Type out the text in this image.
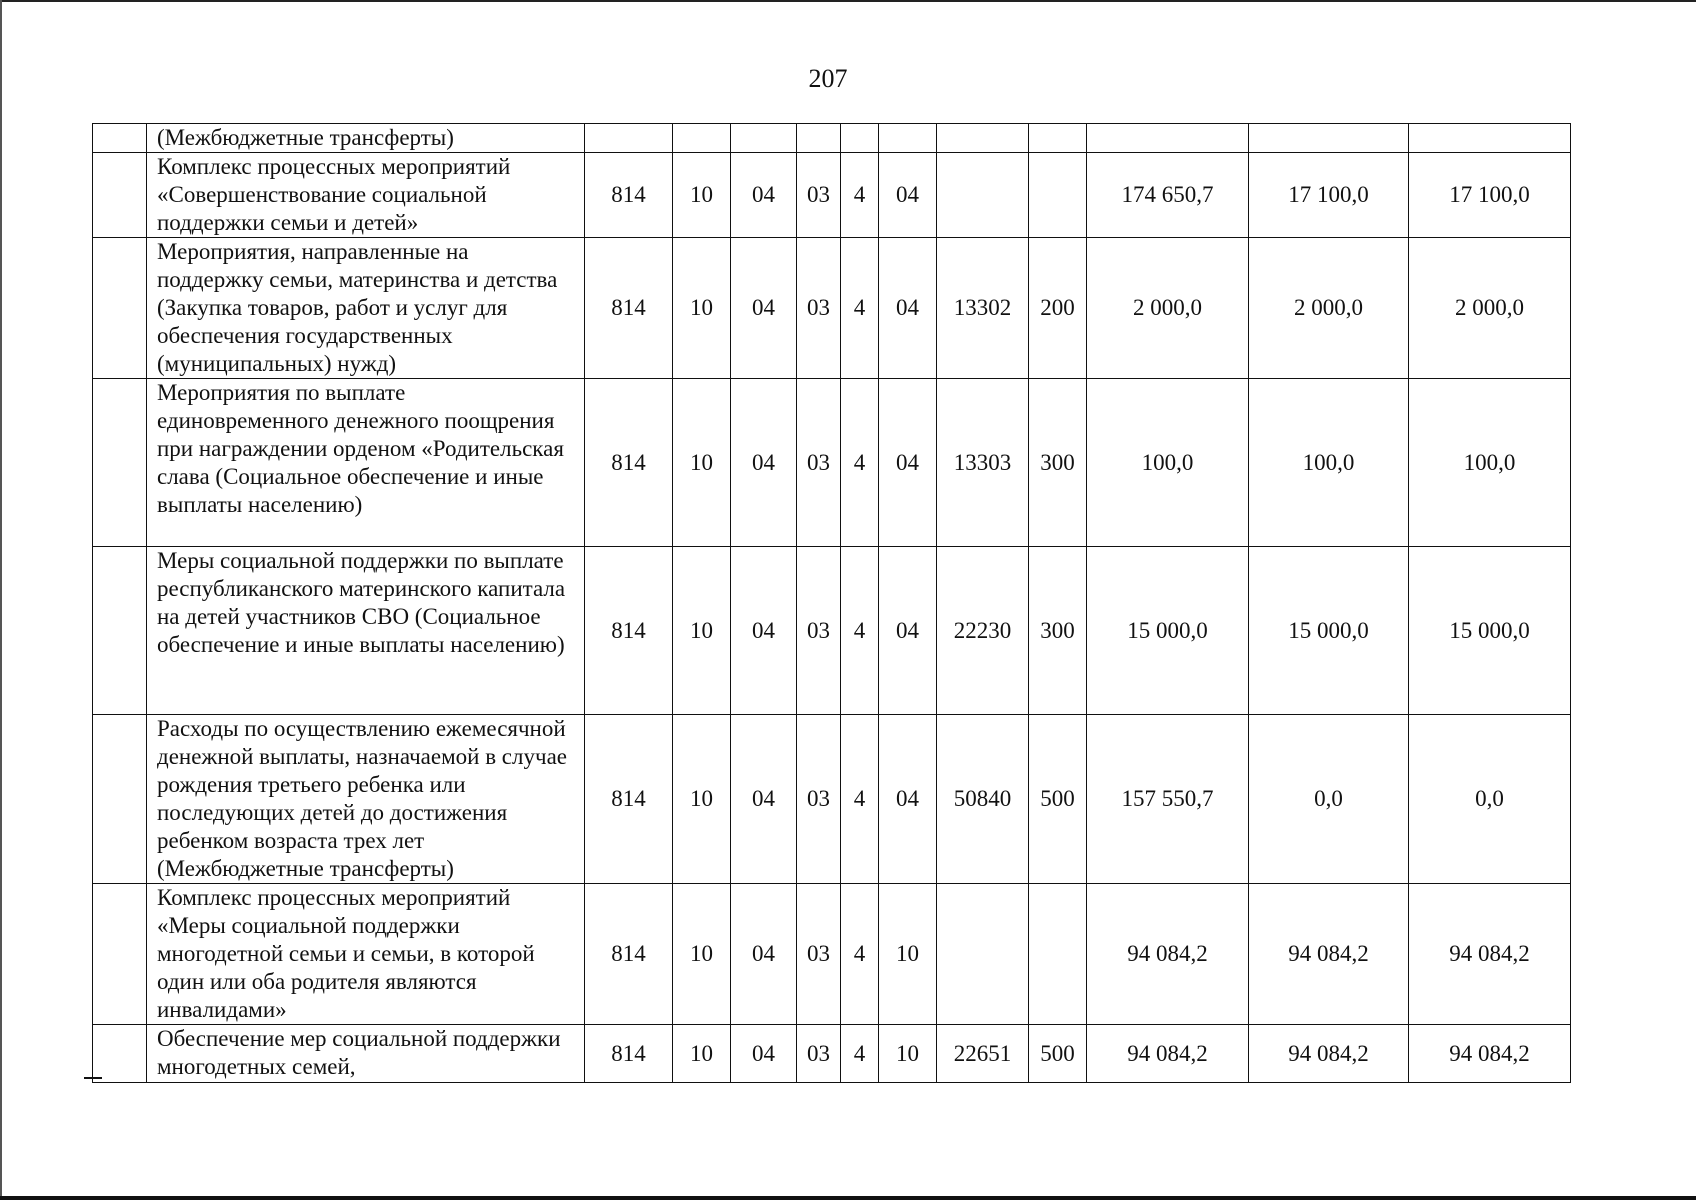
207
	(Межбюджетные трансферты)											
	Комплекс процессных мероприятий «Совершенствование социальной поддержки семьи и детей»	814	10	04	03	4	04			174 650,7	17 100,0	17 100,0
	Мероприятия, направленные на поддержку семьи, материнства и детства (Закупка товаров, работ и услуг для обеспечения государственных (муниципальных) нужд)	814	10	04	03	4	04	13302	200	2 000,0	2 000,0	2 000,0
	Мероприятия по выплате единовременного денежного поощрения при награждении орденом «Родительская слава (Социальное обеспечение и иные выплаты населению)	814	10	04	03	4	04	13303	300	100,0	100,0	100,0
	Меры социальной поддержки по выплате республиканского материнского капитала на детей участников СВО (Социальное обеспечение и иные выплаты населению)	814	10	04	03	4	04	22230	300	15 000,0	15 000,0	15 000,0
	Расходы по осуществлению ежемесячной денежной выплаты, назначаемой в случае рождения третьего ребенка или последующих детей до достижения ребенком возраста трех лет (Межбюджетные трансферты)	814	10	04	03	4	04	50840	500	157 550,7	0,0	0,0
	Комплекс процессных мероприятий «Меры социальной поддержки многодетной семьи и семьи, в которой один или оба родителя являются инвалидами»	814	10	04	03	4	10			94 084,2	94 084,2	94 084,2
	Обеспечение мер социальной поддержки многодетных семей,	814	10	04	03	4	10	22651	500	94 084,2	94 084,2	94 084,2
